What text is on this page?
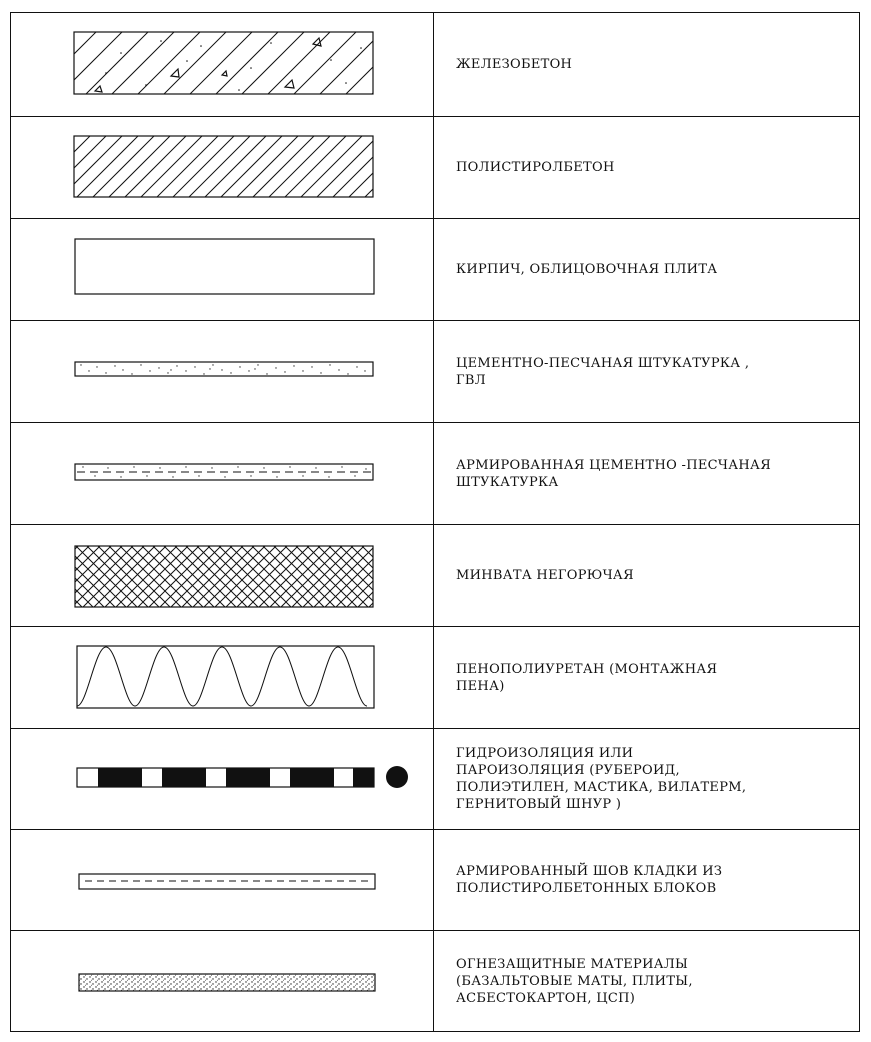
ЖЕЛЕЗОБЕТОН
ПОЛИСТИРОЛБЕТОН
КИРПИЧ, ОБЛИЦОВОЧНАЯ ПЛИТА
ЦЕМЕНТНО-ПЕСЧАНАЯ ШТУКАТУРКА ,
ГВЛ
АРМИРОВАННАЯ ЦЕМЕНТНО -ПЕСЧАНАЯ
ШТУКАТУРКА
МИНВАТА НЕГОРЮЧАЯ
ПЕНОПОЛИУРЕТАН (МОНТАЖНАЯ
ПЕНА)
ГИДРОИЗОЛЯЦИЯ ИЛИ
ПАРОИЗОЛЯЦИЯ (РУБЕРОИД,
ПОЛИЭТИЛЕН, МАСТИКА, ВИЛАТЕРМ,
ГЕРНИТОВЫЙ ШНУР )
АРМИРОВАННЫЙ ШОВ КЛАДКИ ИЗ
ПОЛИСТИРОЛБЕТОННЫХ БЛОКОВ
ОГНЕЗАЩИТНЫЕ МАТЕРИАЛЫ
(БАЗАЛЬТОВЫЕ МАТЫ, ПЛИТЫ,
АСБЕСТОКАРТОН, ЦСП)
